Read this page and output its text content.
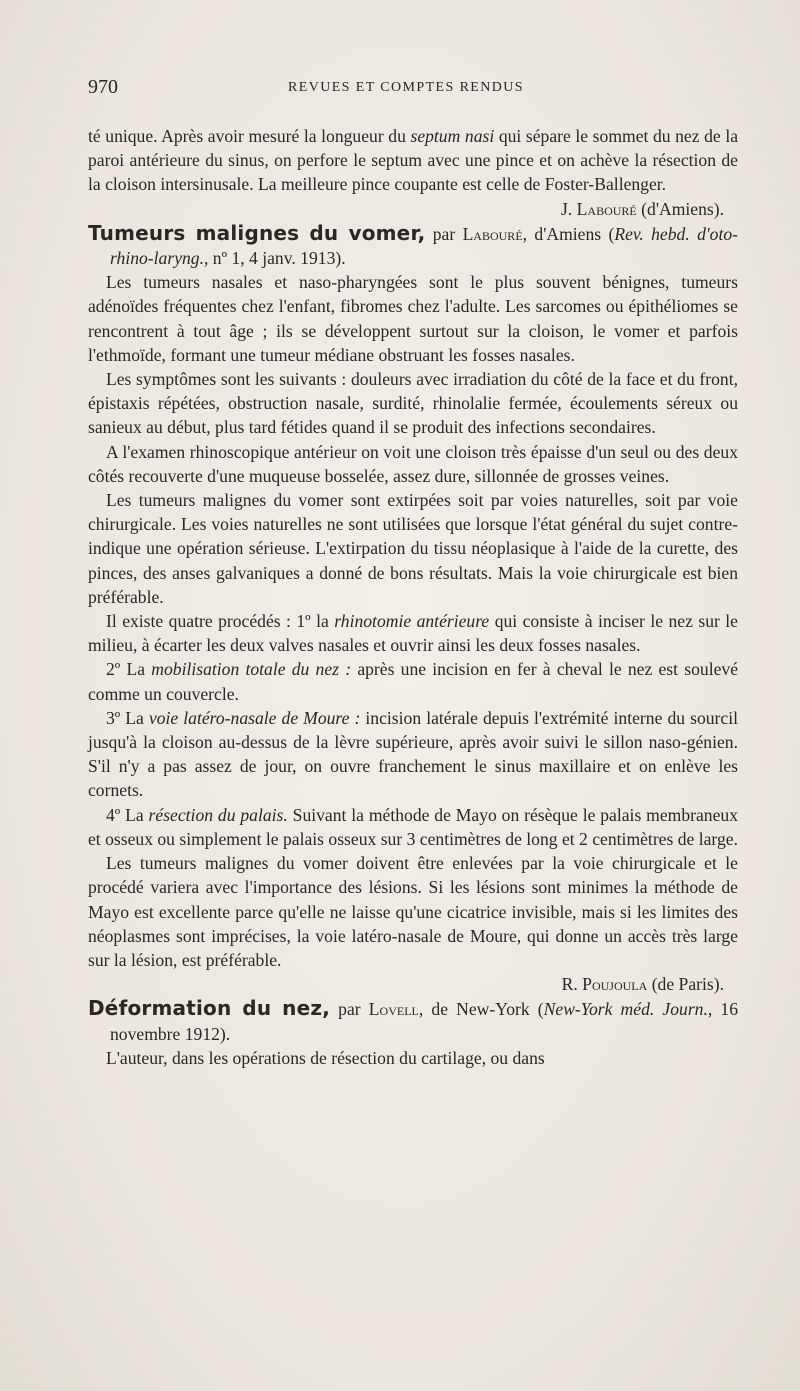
970	REVUES ET COMPTES RENDUS

té unique. Après avoir mesuré la longueur du septum nasi qui sépare le sommet du nez de la paroi antérieure du sinus, on perfore le septum avec une pince et on achève la résection de la cloison intersinusale. La meilleure pince coupante est celle de Foster-Ballenger.

J. Labouré (d'Amiens).

Tumeurs malignes du vomer, par Labouré, d'Amiens (Rev. hebd. d'oto-rhino-laryng., nº 1, 4 janv. 1913).

Les tumeurs nasales et naso-pharyngées sont le plus souvent bénignes, tumeurs adénoïdes fréquentes chez l'enfant, fibromes chez l'adulte. Les sarcomes ou épithéliomes se rencontrent à tout âge ; ils se développent surtout sur la cloison, le vomer et parfois l'ethmoïde, formant une tumeur médiane obstruant les fosses nasales.

Les symptômes sont les suivants : douleurs avec irradiation du côté de la face et du front, épistaxis répétées, obstruction nasale, surdité, rhinolalie fermée, écoulements séreux ou sanieux au début, plus tard fétides quand il se produit des infections secondaires.

A l'examen rhinoscopique antérieur on voit une cloison très épaisse d'un seul ou des deux côtés recouverte d'une muqueuse bosselée, assez dure, sillonnée de grosses veines.

Les tumeurs malignes du vomer sont extirpées soit par voies naturelles, soit par voie chirurgicale. Les voies naturelles ne sont utilisées que lorsque l'état général du sujet contre-indique une opération sérieuse. L'extirpation du tissu néoplasique à l'aide de la curette, des pinces, des anses galvaniques a donné de bons résultats. Mais la voie chirurgicale est bien préférable.

Il existe quatre procédés : 1º la rhinotomie antérieure qui consiste à inciser le nez sur le milieu, à écarter les deux valves nasales et ouvrir ainsi les deux fosses nasales.

2º La mobilisation totale du nez : après une incision en fer à cheval le nez est soulevé comme un couvercle.

3º La voie latéro-nasale de Moure : incision latérale depuis l'extrémité interne du sourcil jusqu'à la cloison au-dessus de la lèvre supérieure, après avoir suivi le sillon naso-génien. S'il n'y a pas assez de jour, on ouvre franchement le sinus maxillaire et on enlève les cornets.

4º La résection du palais. Suivant la méthode de Mayo on résèque le palais membraneux et osseux ou simplement le palais osseux sur 3 centimètres de long et 2 centimètres de large.

Les tumeurs malignes du vomer doivent être enlevées par la voie chirurgicale et le procédé variera avec l'importance des lésions. Si les lésions sont minimes la méthode de Mayo est excellente parce qu'elle ne laisse qu'une cicatrice invisible, mais si les limites des néoplasmes sont imprécises, la voie latéro-nasale de Moure, qui donne un accès très large sur la lésion, est préférable.

R. Poujoula (de Paris).

Déformation du nez, par Lovell, de New-York (New-York méd. Journ., 16 novembre 1912).

L'auteur, dans les opérations de résection du cartilage, ou dans
